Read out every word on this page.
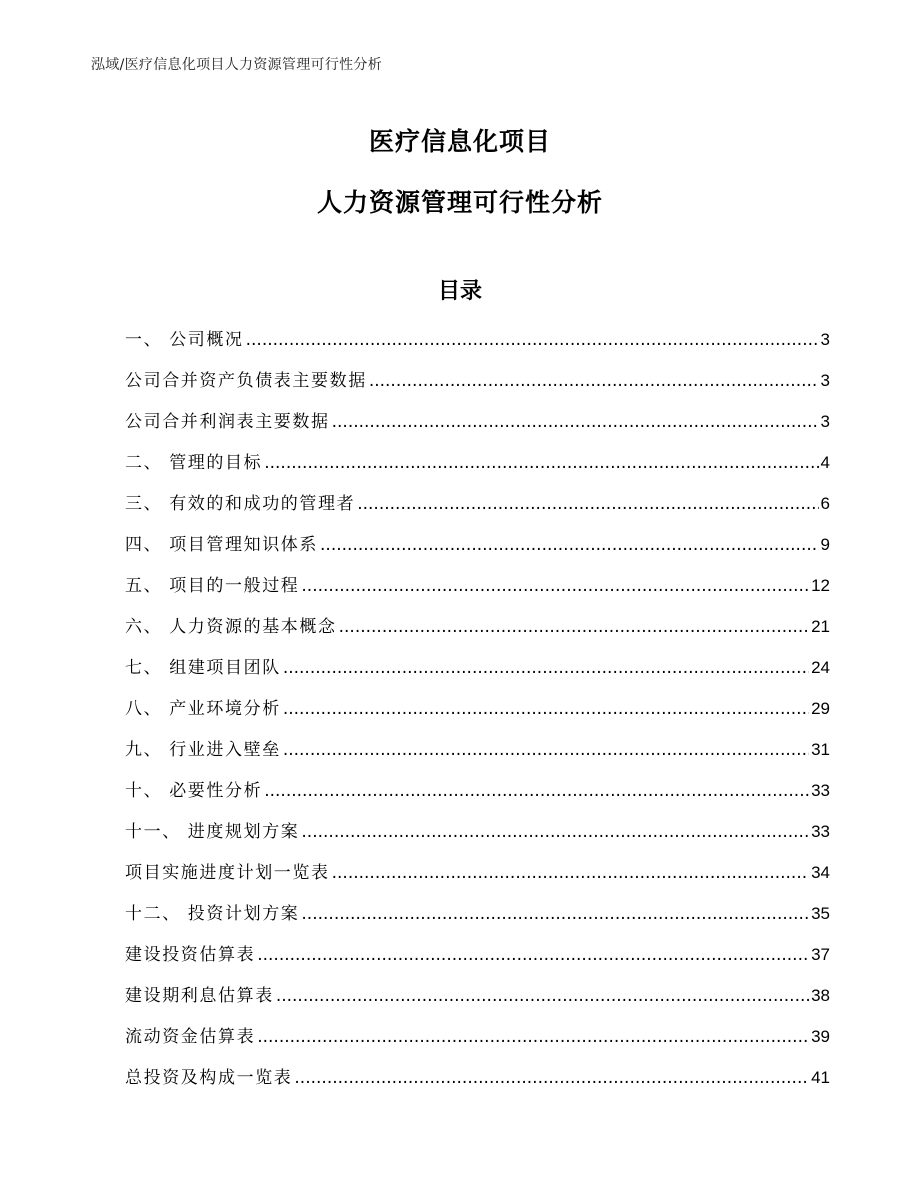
泓域/医疗信息化项目人力资源管理可行性分析
医疗信息化项目
人力资源管理可行性分析
目录
一、 公司概况 .....	3
公司合并资产负债表主要数据 .....	3
公司合并利润表主要数据 .....	3
二、 管理的目标 .....	4
三、 有效的和成功的管理者 .....	6
四、 项目管理知识体系 .....	9
五、 项目的一般过程 .....	12
六、 人力资源的基本概念 .....	21
七、 组建项目团队 .....	24
八、 产业环境分析 .....	29
九、 行业进入壁垒 .....	31
十、 必要性分析 .....	33
十一、 进度规划方案 .....	33
项目实施进度计划一览表 .....	34
十二、 投资计划方案 .....	35
建设投资估算表 .....	37
建设期利息估算表 .....	38
流动资金估算表 .....	39
总投资及构成一览表 .....	41
